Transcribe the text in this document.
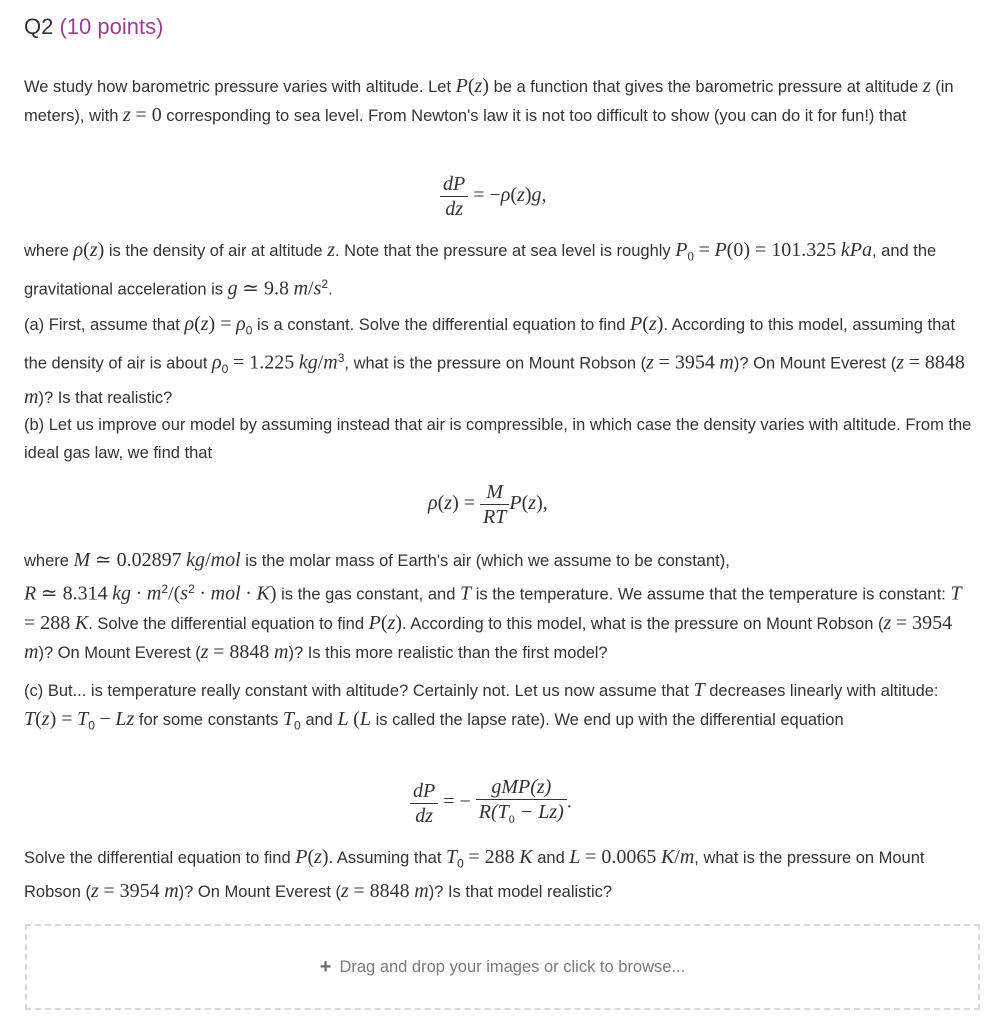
Q2 (10 points)

We study how barometric pressure varies with altitude. Let P(z) be a function that gives the barometric pressure at altitude z (in meters), with z = 0 corresponding to sea level. From Newton's law it is not too difficult to show (you can do it for fun!) that

$\frac{dP}{dz} = -\rho(z)g$,

where ρ(z) is the density of air at altitude z. Note that the pressure at sea level is roughly $P_0 = P(0) = 101.325$ kPa, and the gravitational acceleration is g ≃ 9.8 $m/s^2$.

(a) First, assume that $\rho(z) = \rho_0$ is a constant. Solve the differential equation to find P(z). According to this model, assuming that the density of air is about $\rho_0 = 1.225$ $kg/m^3$, what is the pressure on Mount Robson (z = 3954 m)? On Mount Everest (z = 8848 m)? Is that realistic?

(b) Let us improve our model by assuming instead that air is compressible, in which case the density varies with altitude. From the ideal gas law, we find that

$\rho(z) = \frac{M}{RT} P(z)$,

where M ≃ 0.02897 kg/mol is the molar mass of Earth's air (which we assume to be constant),
R ≃ 8.314 kg · $m^2/(s^2$ · mol · K) is the gas constant, and T is the temperature. We assume that the temperature is constant: T = 288 K. Solve the differential equation to find P(z). According to this model, what is the pressure on Mount Robson (z = 3954 m)? On Mount Everest (z = 8848 m)? Is this more realistic than the first model?

(c) But... is temperature really constant with altitude? Certainly not. Let us now assume that T decreases linearly with altitude: $T(z) = T_0 - Lz$ for some constants $T_0$ and L (L is called the lapse rate). We end up with the differential equation

$\frac{dP}{dz}$ = − $\frac{\text{gMP(z)}}{R(T_0 - Lz)}$ .

Solve the differential equation to find P(z). Assuming that $T_0 = 288$ K and L = 0.0065 K/m, what is the pressure on Mount Robson (z = 3954 m)? On Mount Everest (z = 8848 m)? Is that model realistic?

+ Drag and drop your images or click to browse...
